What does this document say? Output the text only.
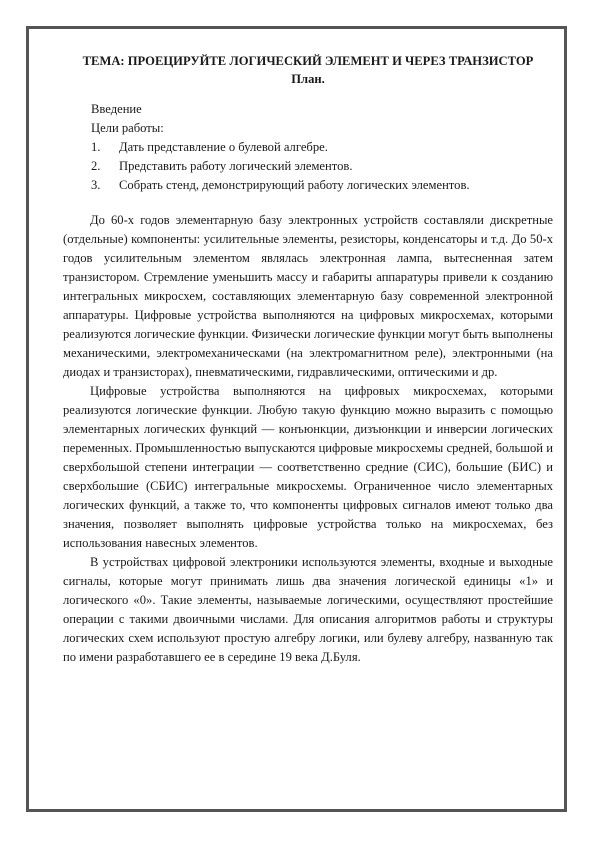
ТЕМА: ПРОЕЦИРУЙТЕ ЛОГИЧЕСКИЙ ЭЛЕМЕНТ И ЧЕРЕЗ ТРАНЗИСТОР

План.

Введение

Цели работы:

1.	Дать представление о булевой алгебре.
2.	Представить работу логический элементов.
3.	Собрать стенд, демонстрирующий работу логических элементов.

До 60-х годов элементарную базу электронных устройств составляли дискретные (отдельные) компоненты: усилительные элементы, резисторы, конденсаторы и т.д. До 50-х годов усилительным элементом являлась электронная лампа, вытесненная затем транзистором. Стремление уменьшить массу и габариты аппаратуры привели к созданию интегральных микросхем, составляющих элементарную базу современной электронной аппаратуры. Цифровые устройства выполняются на цифровых микросхемах, которыми реализуются логические функции. Физически логические функции могут быть выполнены механическими, электромеханическами (на электромагнитном реле), электронными (на диодах и транзисторах), пневматическими, гидравлическими, оптическими и др.

Цифровые устройства выполняются на цифровых микросхемах, которыми реализуются логические функции. Любую такую функцию можно выразить с помощью элементарных логических функций — конъюнкции, дизъюнкции и инверсии логических переменных. Промышленностью выпускаются цифровые микросхемы средней, большой и сверхбольшой степени интеграции — соответственно средние (СИС), большие (БИС) и сверхбольшие (СБИС) интегральные микросхемы. Ограниченное число элементарных логических функций, а также то, что компоненты цифровых сигналов имеют только два значения, позволяет выполнять цифровые устройства только на микросхемах, без использования навесных элементов.

В устройствах цифровой электроники используются элементы, входные и выходные сигналы, которые могут принимать лишь два значения логической единицы «1» и логического «0». Такие элементы, называемые логическими, осуществляют простейшие операции с такими двоичными числами. Для описания алгоритмов работы и структуры логических схем используют простую алгебру логики, или булеву алгебру, названную так по имени разработавшего ее в середине 19 века Д.Буля.
